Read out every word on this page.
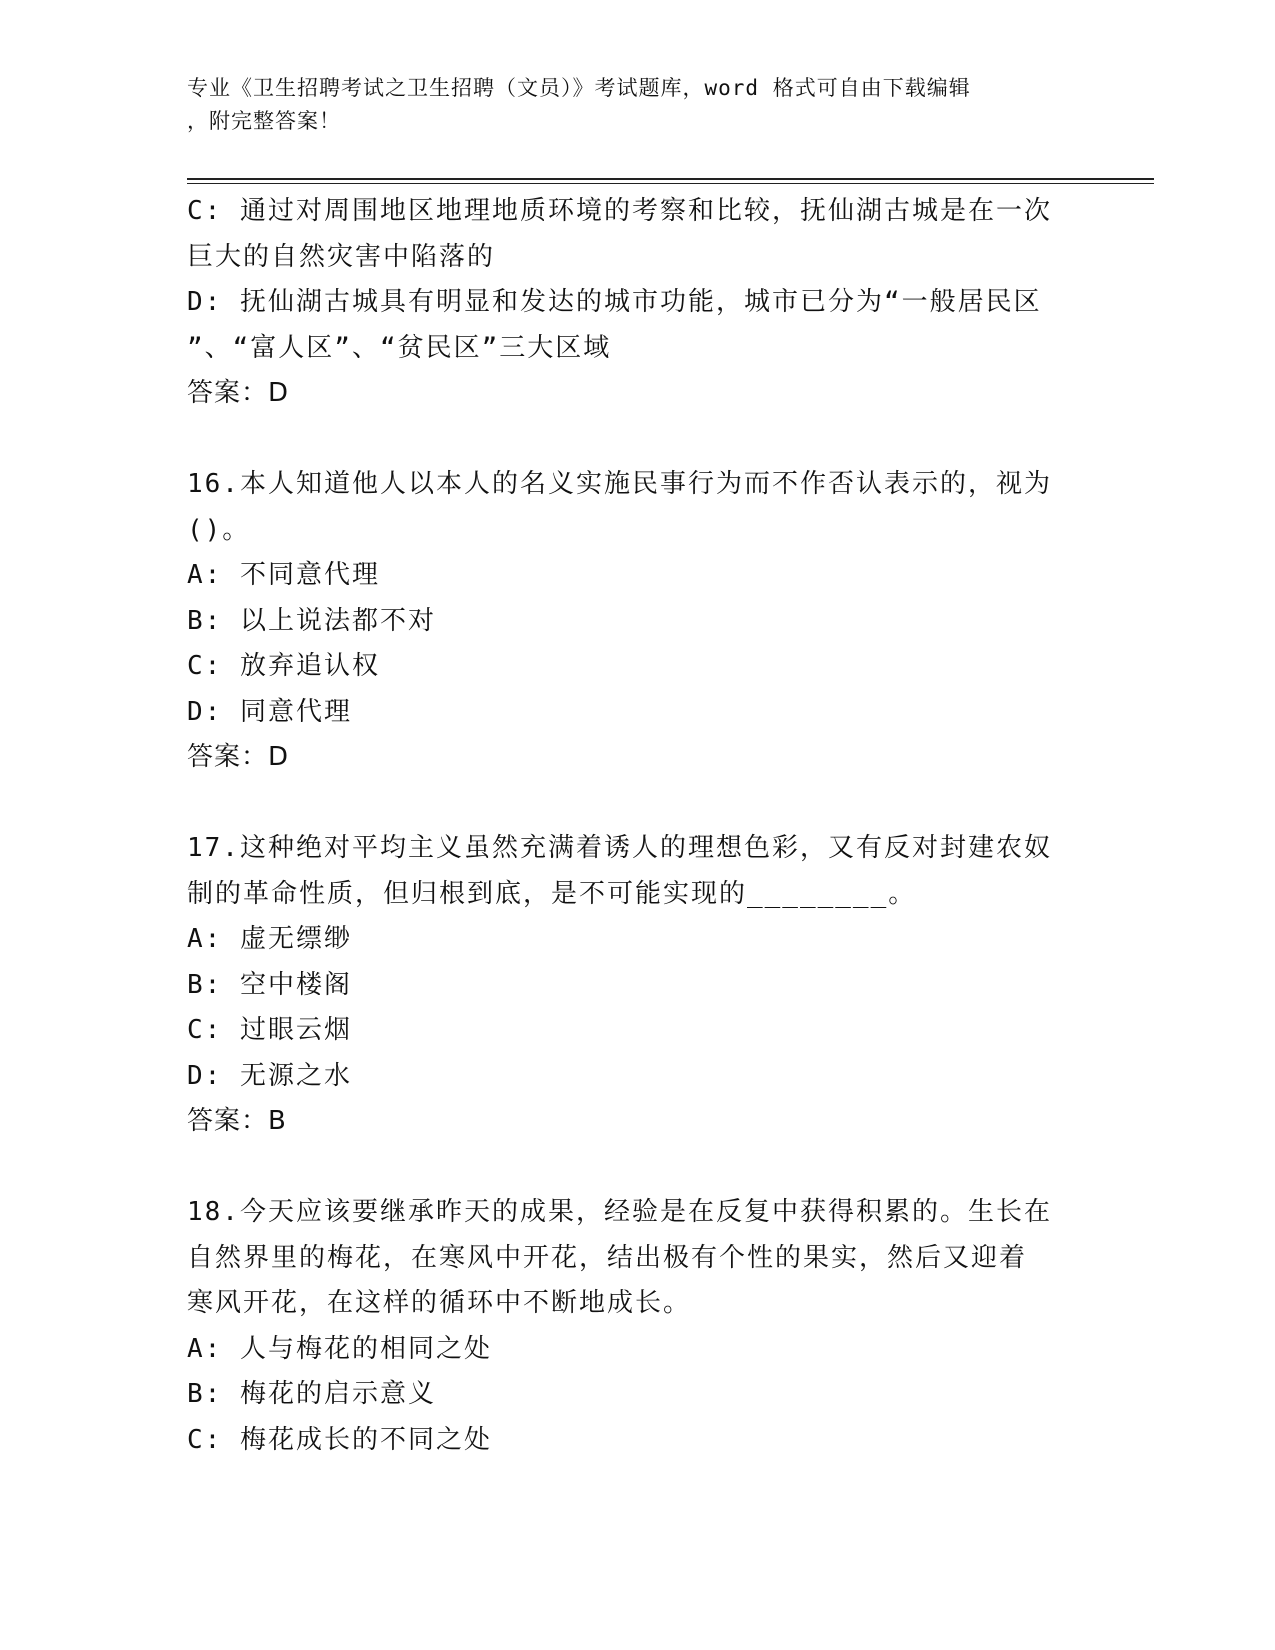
专业《卫生招聘考试之卫生招聘（文员）》考试题库，word 格式可自由下载编辑
，附完整答案！
C: 通过对周围地区地理地质环境的考察和比较，抚仙湖古城是在一次
巨大的自然灾害中陷落的
D: 抚仙湖古城具有明显和发达的城市功能，城市已分为“一般居民区
”、“富人区”、“贫民区”三大区域
答案：D
16.本人知道他人以本人的名义实施民事行为而不作否认表示的，视为
()。
A: 不同意代理
B: 以上说法都不对
C: 放弃追认权
D: 同意代理
答案：D
17.这种绝对平均主义虽然充满着诱人的理想色彩，又有反对封建农奴
制的革命性质，但归根到底，是不可能实现的________。
A: 虚无缥缈
B: 空中楼阁
C: 过眼云烟
D: 无源之水
答案：B
18.今天应该要继承昨天的成果，经验是在反复中获得积累的。生长在
自然界里的梅花，在寒风中开花，结出极有个性的果实，然后又迎着
寒风开花，在这样的循环中不断地成长。
A: 人与梅花的相同之处
B: 梅花的启示意义
C: 梅花成长的不同之处
